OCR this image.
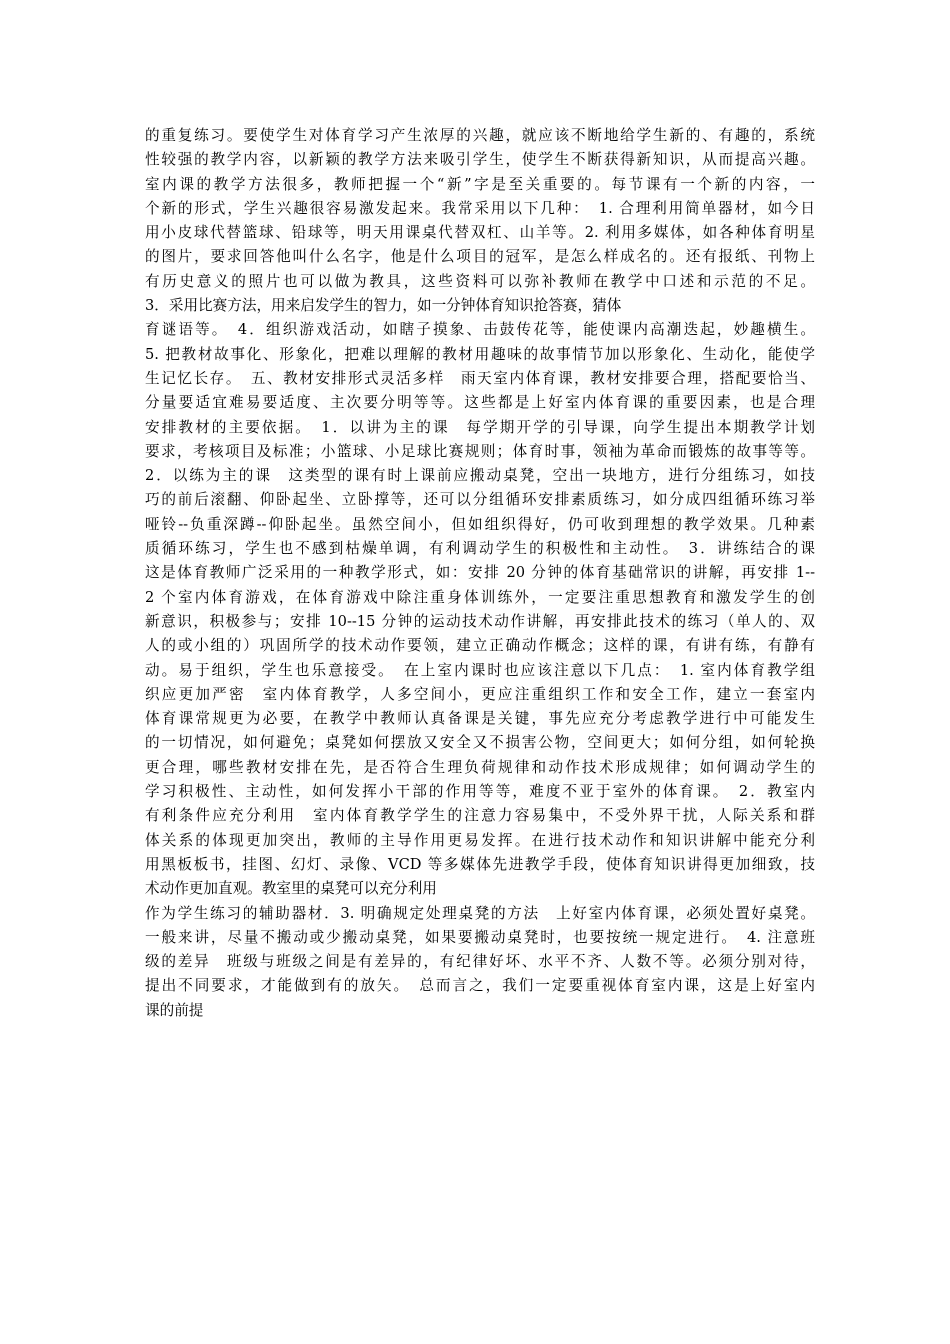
的重复练习。要使学生对体育学习产生浓厚的兴趣，就应该不断地给学生新的、有趣的，系统
性较强的教学内容，以新颖的教学方法来吸引学生，使学生不断获得新知识，从而提高兴趣。
室内课的教学方法很多，教师把握一个“新”字是至关重要的。每节课有一个新的内容，一
个新的形式，学生兴趣很容易激发起来。我常采用以下几种：　1. 合理利用简单器材，如今日
用小皮球代替篮球、铅球等，明天用课桌代替双杠、山羊等。2. 利用多媒体，如各种体育明星
的图片，要求回答他叫什么名字，他是什么项目的冠军，是怎么样成名的。还有报纸、刊物上
有历史意义的照片也可以做为教具，这些资料可以弥补教师在教学中口述和示范的不足。
3．采用比赛方法，用来启发学生的智力，如一分钟体育知识抢答赛，猜体
育谜语等。　4．组织游戏活动，如瞎子摸象、击鼓传花等，能使课内高潮迭起，妙趣横生。
5. 把教材故事化、形象化，把难以理解的教材用趣味的故事情节加以形象化、生动化，能使学
生记忆长存。　五、教材安排形式灵活多样　雨天室内体育课，教材安排要合理，搭配要恰当、
分量要适宜难易要适度、主次要分明等等。这些都是上好室内体育课的重要因素，也是合理
安排教材的主要依据。　1．以讲为主的课　每学期开学的引导课，向学生提出本期教学计划
要求，考核项目及标准；小篮球、小足球比赛规则；体育时事，领袖为革命而锻炼的故事等等。
2．以练为主的课　这类型的课有时上课前应搬动桌凳，空出一块地方，进行分组练习，如技
巧的前后滚翻、仰卧起坐、立卧撑等，还可以分组循环安排素质练习，如分成四组循环练习举
哑铃--负重深蹲--仰卧起坐。虽然空间小，但如组织得好，仍可收到理想的教学效果。几种素
质循环练习，学生也不感到枯燥单调，有利调动学生的积极性和主动性。　3．讲练结合的课
这是体育教师广泛采用的一种教学形式，如：安排 20 分钟的体育基础常识的讲解，再安排 1--
2 个室内体育游戏，在体育游戏中除注重身体训练外，一定要注重思想教育和激发学生的创
新意识，积极参与；安排 10--15 分钟的运动技术动作讲解，再安排此技术的练习（单人的、双
人的或小组的）巩固所学的技术动作要领，建立正确动作概念；这样的课，有讲有练，有静有
动。易于组织，学生也乐意接受。　在上室内课时也应该注意以下几点：　1. 室内体育教学组
织应更加严密　室内体育教学，人多空间小，更应注重组织工作和安全工作，建立一套室内
体育课常规更为必要，在教学中教师认真备课是关键，事先应充分考虑教学进行中可能发生
的一切情况，如何避免；桌凳如何摆放又安全又不损害公物，空间更大；如何分组，如何轮换
更合理，哪些教材安排在先，是否符合生理负荷规律和动作技术形成规律；如何调动学生的
学习积极性、主动性，如何发挥小干部的作用等等，难度不亚于室外的体育课。　2．教室内
有利条件应充分利用　室内体育教学学生的注意力容易集中，不受外界干扰，人际关系和群
体关系的体现更加突出，教师的主导作用更易发挥。在进行技术动作和知识讲解中能充分利
用黑板板书，挂图、幻灯、录像、VCD 等多媒体先进教学手段，使体育知识讲得更加细致，技
术动作更加直观。教室里的桌凳可以充分利用
作为学生练习的辅助器材．3. 明确规定处理桌凳的方法　上好室内体育课，必须处置好桌凳。
一般来讲，尽量不搬动或少搬动桌凳，如果要搬动桌凳时，也要按统一规定进行。　4. 注意班
级的差异　班级与班级之间是有差异的，有纪律好坏、水平不齐、人数不等。必须分别对待，
提出不同要求，才能做到有的放矢。　总而言之，我们一定要重视体育室内课，这是上好室内
课的前提
